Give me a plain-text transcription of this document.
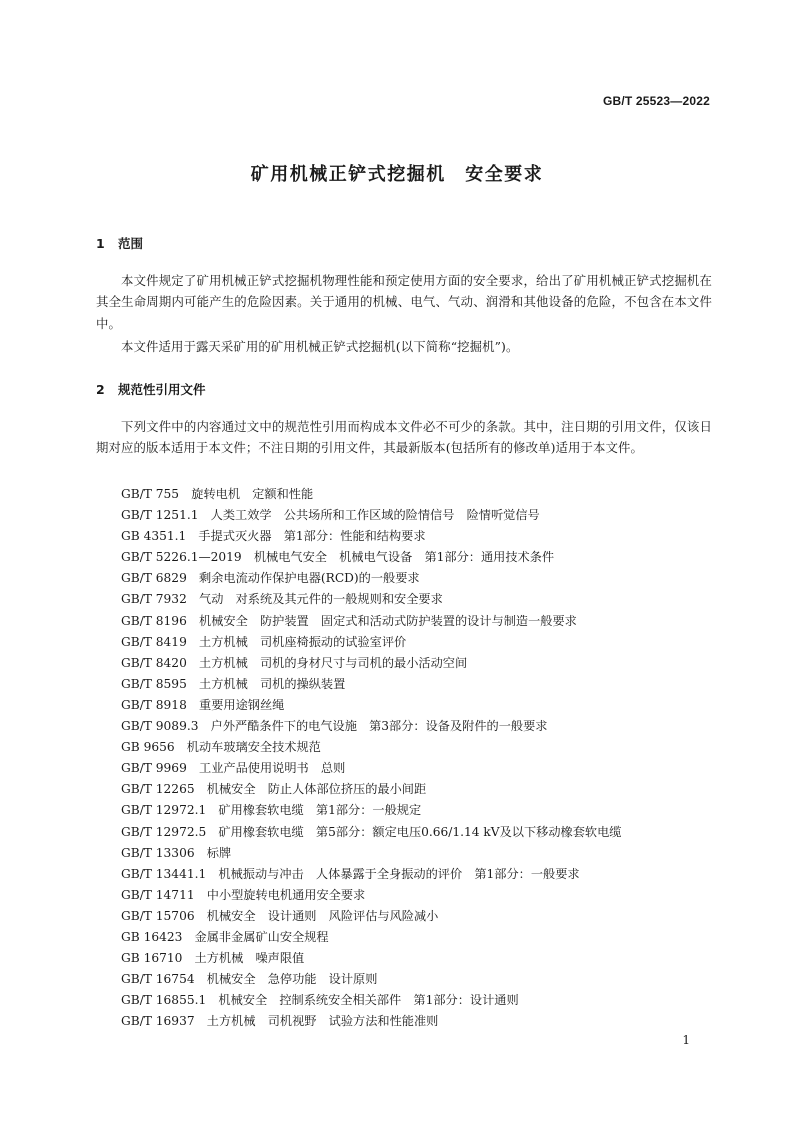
GB/T 25523—2022
矿用机械正铲式挖掘机　安全要求
1 范围

本文件规定了矿用机械正铲式挖掘机物理性能和预定使用方面的安全要求，给出了矿用机械正铲式挖掘机在其全生命周期内可能产生的危险因素。关于通用的机械、电气、气动、润滑和其他设备的危险，不包含在本文件中。

本文件适用于露天采矿用的矿用机械正铲式挖掘机(以下简称“挖掘机”)。

2 规范性引用文件

下列文件中的内容通过文中的规范性引用而构成本文件必不可少的条款。其中，注日期的引用文件，仅该日期对应的版本适用于本文件；不注日期的引用文件，其最新版本(包括所有的修改单)适用于本文件。

GB/T 755　 旋转电机　定额和性能
GB/T 1251.1　 人类工效学　公共场所和工作区域的险情信号　险情听觉信号
GB 4351.1　 手提式灭火器　第1部分：性能和结构要求
GB/T 5226.1—2019　 机械电气安全　机械电气设备　第1部分：通用技术条件
GB/T 6829　 剩余电流动作保护电器(RCD)的一般要求
GB/T 7932　 气动　对系统及其元件的一般规则和安全要求
GB/T 8196　 机械安全　防护装置　固定式和活动式防护装置的设计与制造一般要求
GB/T 8419　 土方机械　司机座椅振动的试验室评价
GB/T 8420　 土方机械　司机的身材尺寸与司机的最小活动空间
GB/T 8595　 土方机械　司机的操纵装置
GB/T 8918　 重要用途钢丝绳
GB/T 9089.3　 户外严酷条件下的电气设施　第3部分：设备及附件的一般要求
GB 9656　 机动车玻璃安全技术规范
GB/T 9969　 工业产品使用说明书　总则
GB/T 12265　 机械安全　防止人体部位挤压的最小间距
GB/T 12972.1　 矿用橡套软电缆　第1部分：一般规定
GB/T 12972.5　 矿用橡套软电缆　第5部分：额定电压0.66/1.14 kV及以下移动橡套软电缆
GB/T 13306　 标牌
GB/T 13441.1　 机械振动与冲击　人体暴露于全身振动的评价　第1部分：一般要求
GB/T 14711　 中小型旋转电机通用安全要求
GB/T 15706　 机械安全　设计通则　风险评估与风险减小
GB 16423　 金属非金属矿山安全规程
GB 16710　 土方机械　噪声限值
GB/T 16754　 机械安全　急停功能　设计原则
GB/T 16855.1　 机械安全　控制系统安全相关部件　第1部分：设计通则
GB/T 16937　 土方机械　司机视野　试验方法和性能准则
1
